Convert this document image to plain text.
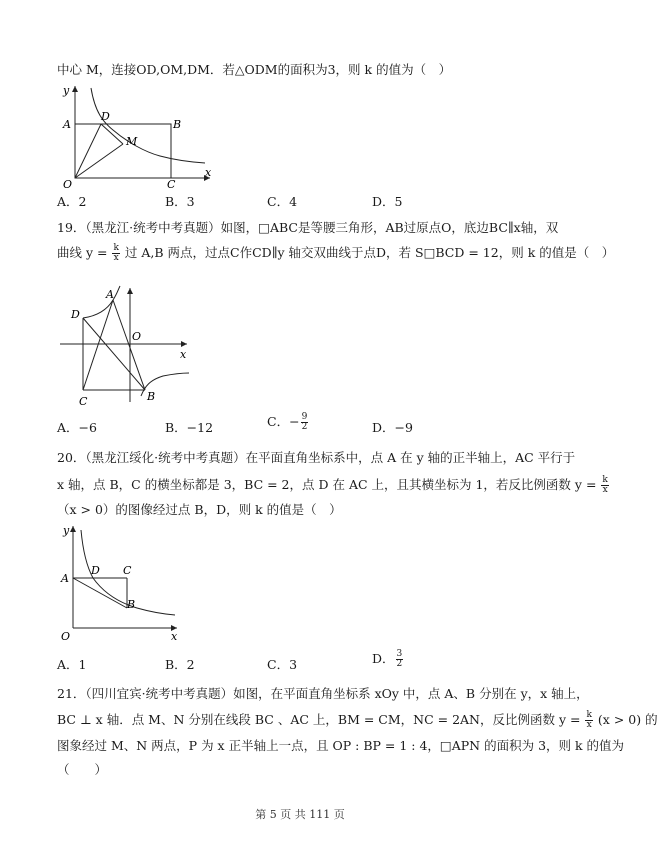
中心 M，连接OD,OM,DM．若△ODM的面积为3，则 k 的值为（　）
y
x
O
A	B
C
D
M
A．2	B．3	C．4	D．5
19．（黑龙江·统考中考真题）如图，□ABC是等腰三角形，AB过原点O，底边BC∥x轴，双
曲线 $y = \frac{k}{x}$ 过 A,B 两点，过点C作CD∥y 轴交双曲线于点D，若 S□BCD = 12，则 k 的值是（　）
A
D
O
x
C	B
A．−6	B．−12	C．− $\frac{9}{2}$	D．−9
20．（黑龙江绥化·统考中考真题）在平面直角坐标系中，点 A 在 y 轴的正半轴上，AC 平行于
x 轴，点 B，C 的横坐标都是 3，BC = 2，点 D 在 AC 上，且其横坐标为 1，若反比例函数 $y = \frac{k}{x}$
（x > 0）的图像经过点 B，D，则 k 的值是（　）
y
x
O
A
D C
B
A．1	B．2	C．3	D． $\frac{3}{2}$
21．（四川宜宾·统考中考真题）如图，在平面直角坐标系 xOy 中，点 A、B 分别在 y，x 轴上，
BC ⊥ x 轴．点 M、N 分别在线段 BC 、AC 上，BM = CM，NC = 2AN，反比例函数 $y = \frac{k}{x} (x > 0)$ 的
图象经过 M、N 两点，P 为 x 正半轴上一点，且 OP : BP = 1 : 4，□APN 的面积为 3，则 k 的值为
（　　）
第 5 页 共 111 页
